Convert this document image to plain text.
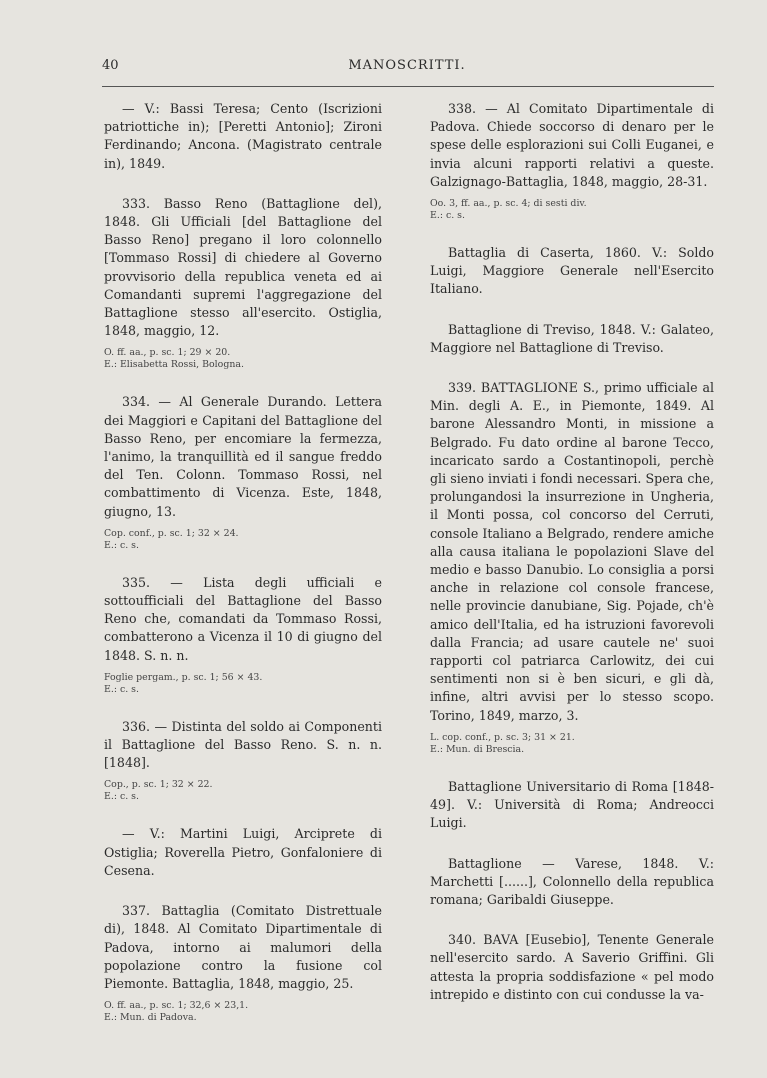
40	MANOSCRITTI.

— V.: Bassi Teresa; Cento (Iscrizioni patriottiche in); [Peretti Antonio]; Zironi Ferdinando; Ancona. (Magistrato centrale in), 1849.

333. Basso Reno (Battaglione del), 1848. Gli Ufficiali [del Battaglione del Basso Reno] pregano il loro colonnello [Tommaso Rossi] di chiedere al Governo provvisorio della republica veneta ed ai Comandanti supremi l'aggregazione del Battaglione stesso all'esercito. Ostiglia, 1848, maggio, 12.

O. ff. aa., p. sc. 1; 29 × 20.
E.: Elisabetta Rossi, Bologna.

334. — Al Generale Durando. Lettera dei Maggiori e Capitani del Battaglione del Basso Reno, per encomiare la fermezza, l'animo, la tranquillità ed il sangue freddo del Ten. Colonn. Tommaso Rossi, nel combattimento di Vicenza. Este, 1848, giugno, 13.

Cop. conf., p. sc. 1; 32 × 24.
E.: c. s.

335. — Lista degli ufficiali e sottoufficiali del Battaglione del Basso Reno che, comandati da Tommaso Rossi, combatterono a Vicenza il 10 di giugno del 1848. S. n. n.

Foglie pergam., p. sc. 1; 56 × 43.
E.: c. s.

336. — Distinta del soldo ai Componenti il Battaglione del Basso Reno. S. n. n. [1848].

Cop., p. sc. 1; 32 × 22.
E.: c. s.

— V.: Martini Luigi, Arciprete di Ostiglia; Roverella Pietro, Gonfaloniere di Cesena.

337. Battaglia (Comitato Distrettuale di), 1848. Al Comitato Dipartimentale di Padova, intorno ai malumori della popolazione contro la fusione col Piemonte. Battaglia, 1848, maggio, 25.

O. ff. aa., p. sc. 1; 32,6 × 23,1.
E.: Mun. di Padova.

338. — Al Comitato Dipartimentale di Padova. Chiede soccorso di denaro per le spese delle esplorazioni sui Colli Euganei, e invia alcuni rapporti relativi a queste. Galzignago-Battaglia, 1848, maggio, 28-31.

Oo. 3, ff. aa., p. sc. 4; di sesti div.
E.: c. s.

Battaglia di Caserta, 1860. V.: Soldo Luigi, Maggiore Generale nell'Esercito Italiano.

Battaglione di Treviso, 1848. V.: Galateo, Maggiore nel Battaglione di Treviso.

339. BATTAGLIONE S., primo ufficiale al Min. degli A. E., in Piemonte, 1849. Al barone Alessandro Monti, in missione a Belgrado. Fu dato ordine al barone Tecco, incaricato sardo a Costantinopoli, perchè gli sieno inviati i fondi necessari. Spera che, prolungandosi la insurrezione in Ungheria, il Monti possa, col concorso del Cerruti, console Italiano a Belgrado, rendere amiche alla causa italiana le popolazioni Slave del medio e basso Danubio. Lo consiglia a porsi anche in relazione col console francese, nelle provincie danubiane, Sig. Pojade, ch'è amico dell'Italia, ed ha istruzioni favorevoli dalla Francia; ad usare cautele ne' suoi rapporti col patriarca Carlowitz, dei cui sentimenti non si è ben sicuri, e gli dà, infine, altri avvisi per lo stesso scopo. Torino, 1849, marzo, 3.

L. cop. conf., p. sc. 3; 31 × 21.
E.: Mun. di Brescia.

Battaglione Universitario di Roma [1848-49]. V.: Università di Roma; Andreocci Luigi.

Battaglione — Varese, 1848. V.: Marchetti [......], Colonnello della republica romana; Garibaldi Giuseppe.

340. BAVA [Eusebio], Tenente Generale nell'esercito sardo. A Saverio Griffini. Gli attesta la propria soddisfazione « pel modo intrepido e distinto con cui condusse la va-
